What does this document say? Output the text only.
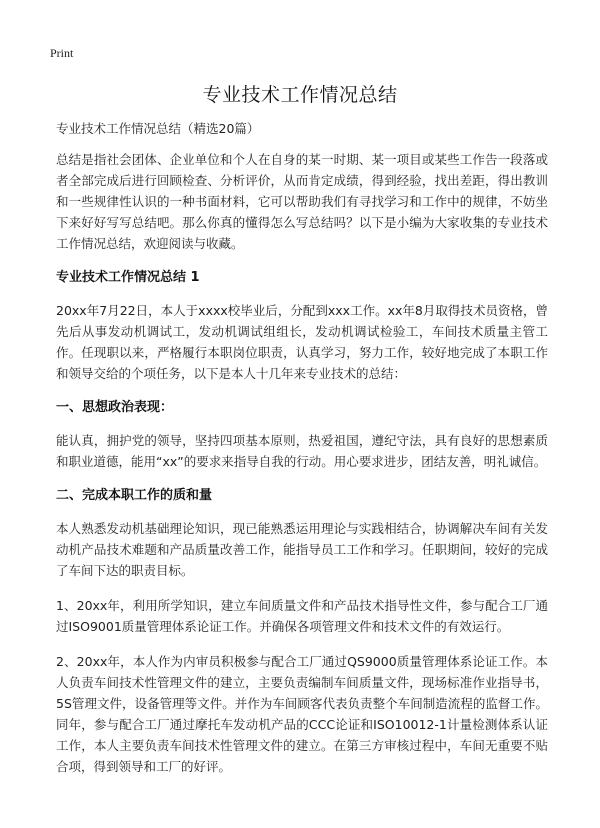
Print

专业技术工作情况总结

专业技术工作情况总结（精选20篇）

总结是指社会团体、企业单位和个人在自身的某一时期、某一项目或某些工作告一段落或者全部完成后进行回顾检查、分析评价，从而肯定成绩，得到经验，找出差距，得出教训和一些规律性认识的一种书面材料，它可以帮助我们有寻找学习和工作中的规律，不妨坐下来好好写写总结吧。那么你真的懂得怎么写总结吗？以下是小编为大家收集的专业技术工作情况总结，欢迎阅读与收藏。

专业技术工作情况总结 1

20xx年7月22日，本人于xxxx校毕业后，分配到xxx工作。xx年8月取得技术员资格，曾先后从事发动机调试工，发动机调试组组长，发动机调试检验工，车间技术质量主管工作。任现职以来，严格履行本职岗位职责，认真学习，努力工作，较好地完成了本职工作和领导交给的个项任务，以下是本人十几年来专业技术的总结：

一、思想政治表现：

能认真，拥护党的领导，坚持四项基本原则，热爱祖国，遵纪守法，具有良好的思想素质和职业道德，能用“xx”的要求来指导自我的行动。用心要求进步，团结友善，明礼诚信。

二、完成本职工作的质和量

本人熟悉发动机基础理论知识，现已能熟悉运用理论与实践相结合，协调解决车间有关发动机产品技术难题和产品质量改善工作，能指导员工工作和学习。任职期间，较好的完成了车间下达的职责目标。

1、20xx年，利用所学知识，建立车间质量文件和产品技术指导性文件，参与配合工厂通过ISO9001质量管理体系论证工作。并确保各项管理文件和技术文件的有效运行。

2、20xx年，本人作为内审员积极参与配合工厂通过QS9000质量管理体系论证工作。本人负责车间技术性管理文件的建立，主要负责编制车间质量文件，现场标准作业指导书，5S管理文件，设备管理等文件。并作为车间顾客代表负责整个车间制造流程的监督工作。同年，参与配合工厂通过摩托车发动机产品的CCC论证和ISO10012-1计量检测体系认证工作，本人主要负责车间技术性管理文件的建立。在第三方审核过程中，车间无重要不贴合项，得到领导和工厂的好评。
